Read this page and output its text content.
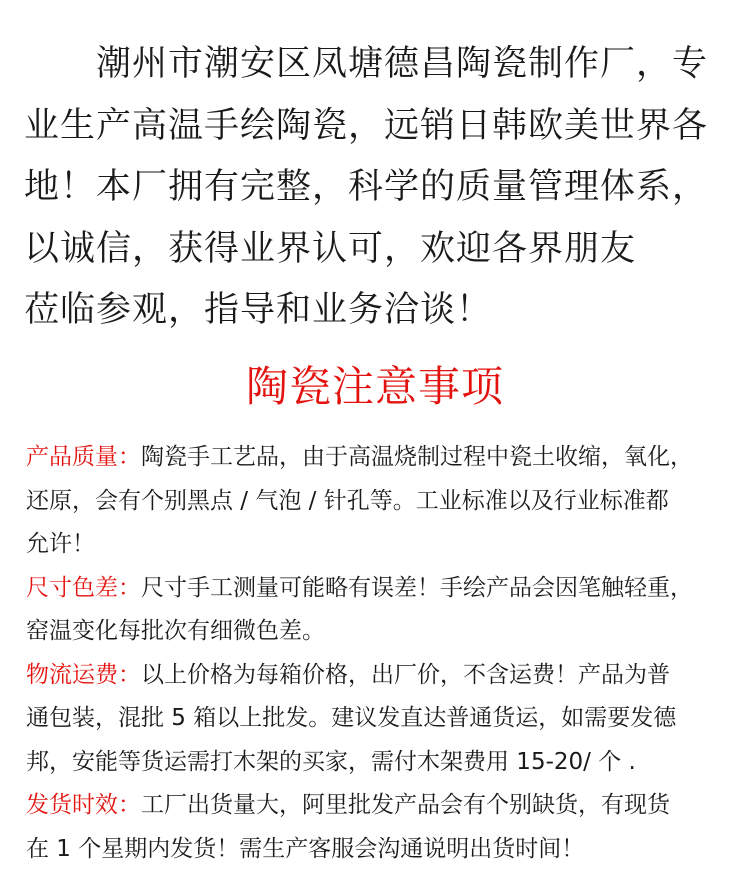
潮州市潮安区凤塘德昌陶瓷制作厂，专

业生产高温手绘陶瓷，远销日韩欧美世界各

地！本厂拥有完整，科学的质量管理体系，

以诚信，获得业界认可，欢迎各界朋友

莅临参观，指导和业务洽谈！

陶瓷注意事项

产品质量：陶瓷手工艺品，由于高温烧制过程中瓷土收缩，氧化，

还原，会有个别黑点 / 气泡 / 针孔等。工业标准以及行业标准都

允许！

尺寸色差：尺寸手工测量可能略有误差！手绘产品会因笔触轻重，

窑温变化每批次有细微色差。

物流运费：以上价格为每箱价格，出厂价，不含运费！产品为普

通包装，混批 5 箱以上批发。建议发直达普通货运，如需要发德

邦，安能等货运需打木架的买家，需付木架费用 15-20/ 个 .

发货时效：工厂出货量大，阿里批发产品会有个别缺货，有现货

在 1 个星期内发货！需生产客服会沟通说明出货时间！
